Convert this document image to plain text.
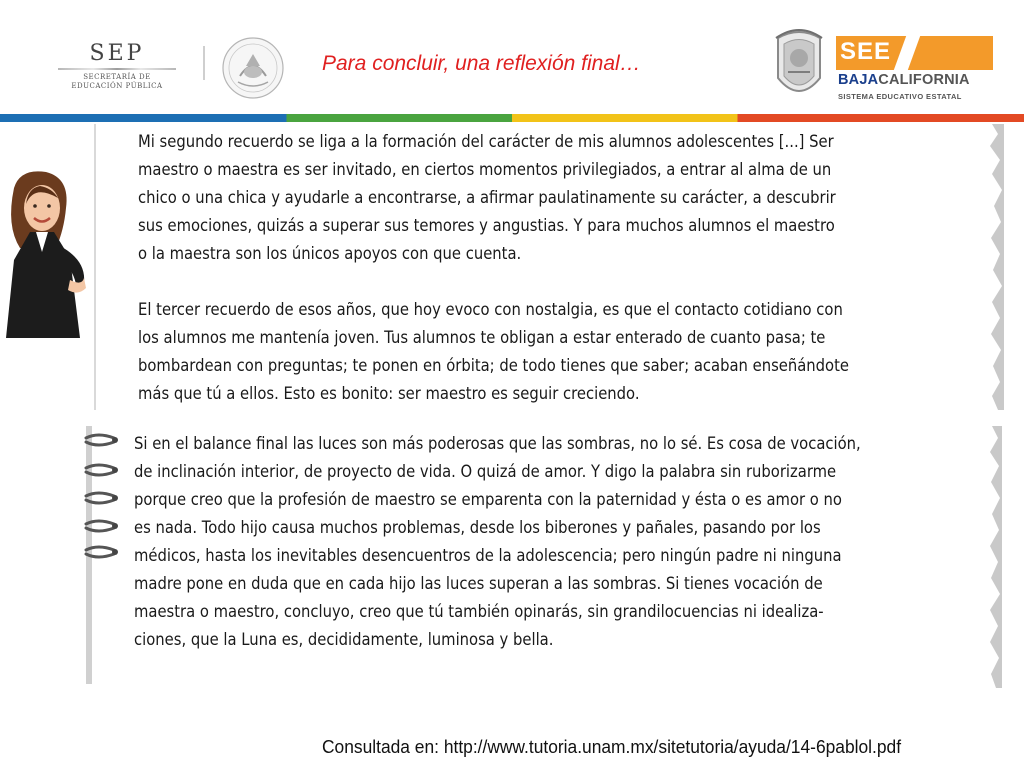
SEP
SECRETARÍA DE
EDUCACIÓN PÚBLICA
Para concluir, una reflexión final…	SEE
BAJACALIFORNIA
SISTEMA EDUCATIVO ESTATAL
Mi segundo recuerdo se liga a la formación del carácter de mis alumnos adolescentes [...] Ser
maestro o maestra es ser invitado, en ciertos momentos privilegiados, a entrar al alma de un
chico o una chica y ayudarle a encontrarse, a afirmar paulatinamente su carácter, a descubrir
sus emociones, quizás a superar sus temores y angustias. Y para muchos alumnos el maestro
o la maestra son los únicos apoyos con que cuenta.

El tercer recuerdo de esos años, que hoy evoco con nostalgia, es que el contacto cotidiano con
los alumnos me mantenía joven. Tus alumnos te obligan a estar enterado de cuanto pasa; te
bombardean con preguntas; te ponen en órbita; de todo tienes que saber; acaban enseñándote
más que tú a ellos. Esto es bonito: ser maestro es seguir creciendo.
Si en el balance final las luces son más poderosas que las sombras, no lo sé. Es cosa de vocación,
de inclinación interior, de proyecto de vida. O quizá de amor. Y digo la palabra sin ruborizarme
porque creo que la profesión de maestro se emparenta con la paternidad y ésta o es amor o no
es nada. Todo hijo causa muchos problemas, desde los biberones y pañales, pasando por los
médicos, hasta los inevitables desencuentros de la adolescencia; pero ningún padre ni ninguna
madre pone en duda que en cada hijo las luces superan a las sombras. Si tienes vocación de
maestra o maestro, concluyo, creo que tú también opinarás, sin grandilocuencias ni idealiza-
ciones, que la Luna es, decididamente, luminosa y bella.
Consultada en: http://www.tutoria.unam.mx/sitetutoria/ayuda/14-6pablol.pdf
